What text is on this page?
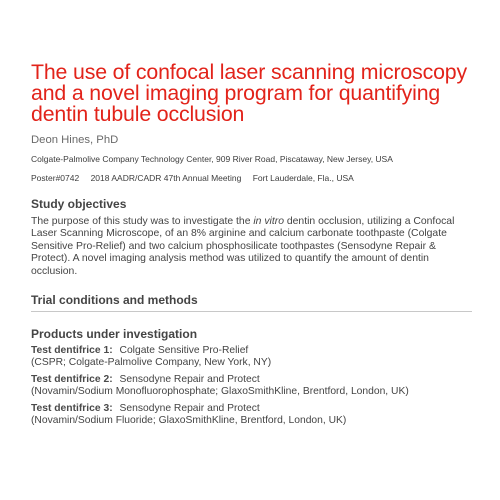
The use of confocal laser scanning microscopy and a novel imaging program for quantifying dentin tubule occlusion
Deon Hines, PhD
Colgate-Palmolive Company Technology Center, 909 River Road, Piscataway, New Jersey, USA
Poster#0742 2018 AADR/CADR 47th Annual Meeting Fort Lauderdale, Fla., USA
Study objectives

The purpose of this study was to investigate the in vitro dentin occlusion, utilizing a Confocal Laser Scanning Microscope, of an 8% arginine and calcium carbonate toothpaste (Colgate Sensitive Pro-Relief) and two calcium phosphosilicate toothpastes (Sensodyne Repair & Protect). A novel imaging analysis method was utilized to quantify the amount of dentin occlusion.

Trial conditions and methods
Products under investigation
Test dentifrice 1: Colgate Sensitive Pro-Relief
(CSPR; Colgate-Palmolive Company, New York, NY)
Test dentifrice 2: Sensodyne Repair and Protect
(Novamin/Sodium Monofluorophosphate; GlaxoSmithKline, Brentford, London, UK)
Test dentifrice 3: Sensodyne Repair and Protect
(Novamin/Sodium Fluoride; GlaxoSmithKline, Brentford, London, UK)
